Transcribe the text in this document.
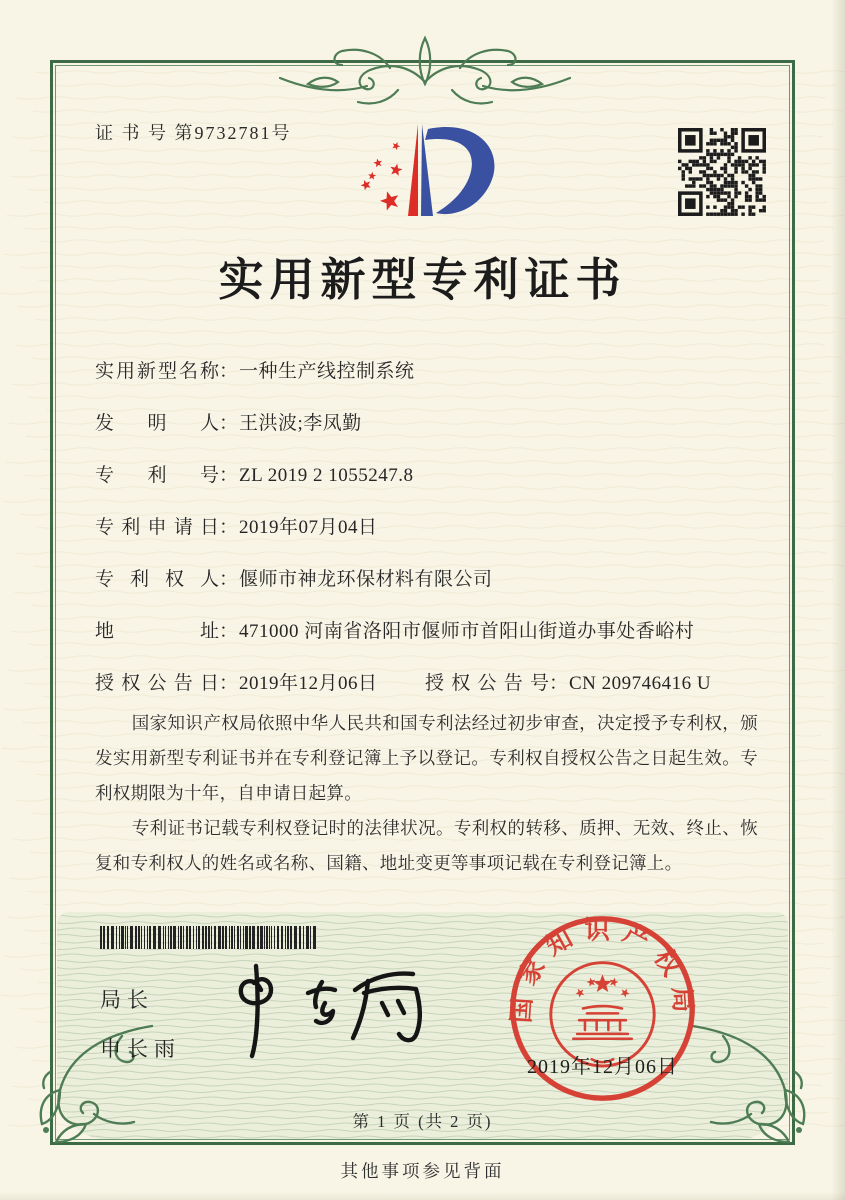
证 书 号 第9732781号
实用新型专利证书
实用新型名称 ： 一种生产线控制系统
发明人 ： 王洪波;李凤勤
专利号 ： ZL 2019 2 1055247.8
专利申请日 ： 2019年07月04日
专利权人 ： 偃师市神龙环保材料有限公司
地址 ： 471000 河南省洛阳市偃师市首阳山街道办事处香峪村
授权公告日 ： 2019年12月06日 授权公告号 ： CN 209746416 U

国家知识产权局依照中华人民共和国专利法经过初步审查，决定授予专利权，颁发实用新型专利证书并在专利登记簿上予以登记。专利权自授权公告之日起生效。专利权期限为十年，自申请日起算。

专利证书记载专利权登记时的法律状况。专利权的转移、质押、无效、终止、恢复和专利权人的姓名或名称、国籍、地址变更等事项记载在专利登记簿上。

局长
申长雨
国家知识产权局
2019年12月06日
第 1 页 (共 2 页)
其他事项参见背面
